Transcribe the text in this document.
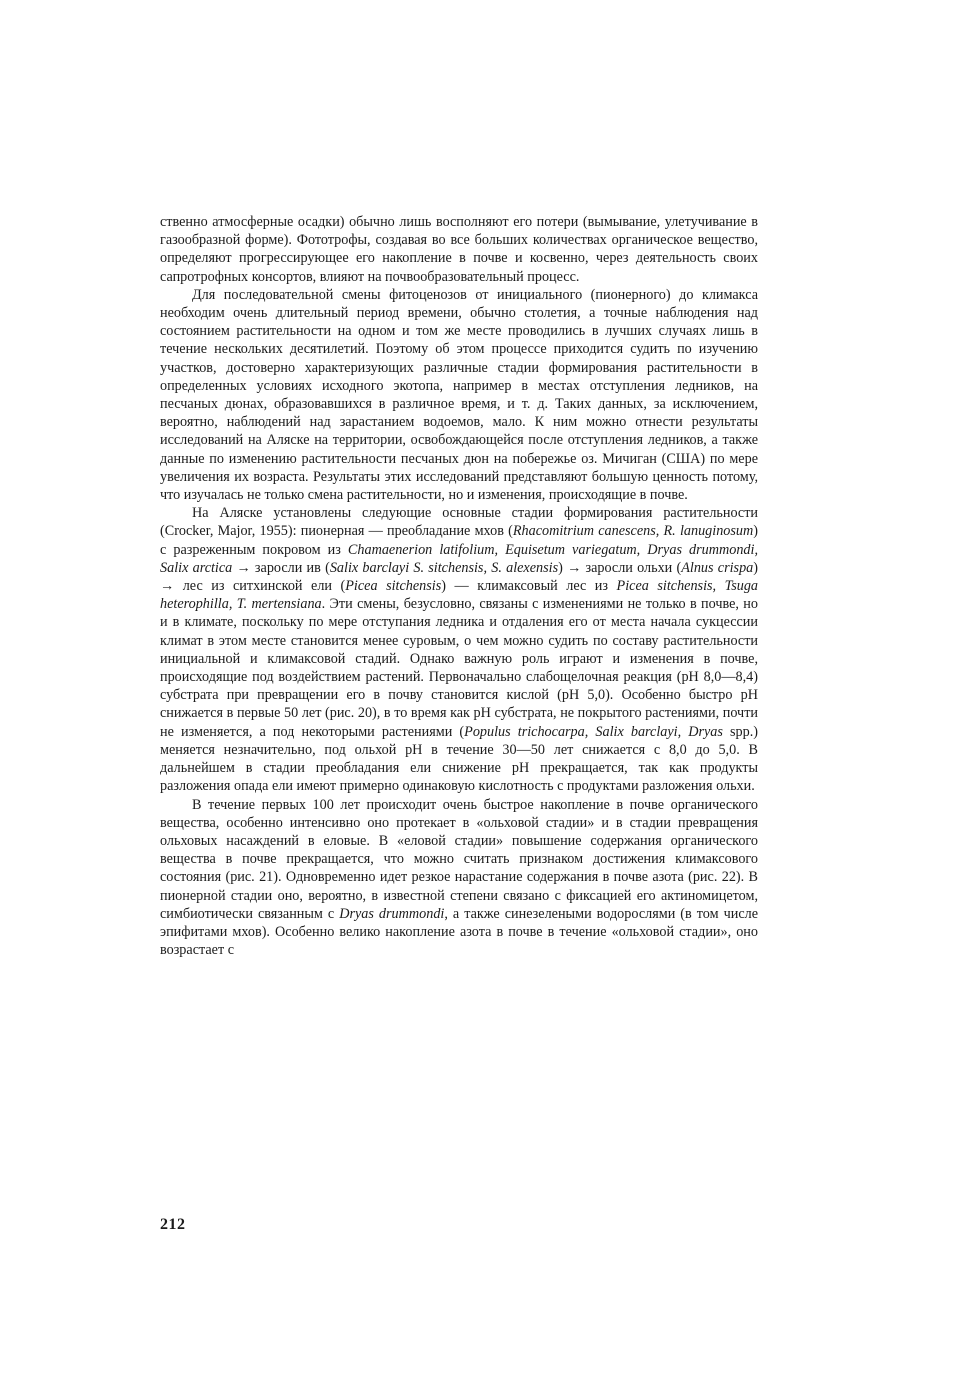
ственно атмосферные осадки) обычно лишь восполняют его потери (вымывание, улетучивание в газообразной форме). Фототрофы, создавая во все больших количествах органическое вещество, определяют прогрессирующее его накопление в почве и косвенно, через деятельность своих сапротрофных консортов, влияют на почвообразовательный процесс.

Для последовательной смены фитоценозов от инициального (пионерного) до климакса необходим очень длительный период времени, обычно столетия, а точные наблюдения над состоянием растительности на одном и том же месте проводились в лучших случаях лишь в течение нескольких десятилетий. Поэтому об этом процессе приходится судить по изучению участков, достоверно характеризующих различные стадии формирования растительности в определенных условиях исходного экотопа, например в местах отступления ледников, на песчаных дюнах, образовавшихся в различное время, и т. д. Таких данных, за исключением, вероятно, наблюдений над зарастанием водоемов, мало. К ним можно отнести результаты исследований на Аляске на территории, освобождающейся после отступления ледников, а также данные по изменению растительности песчаных дюн на побережье оз. Мичиган (США) по мере увеличения их возраста. Результаты этих исследований представляют большую ценность потому, что изучалась не только смена растительности, но и изменения, происходящие в почве.

На Аляске установлены следующие основные стадии формирования растительности (Crocker, Major, 1955): пионерная — преобладание мхов (Rhacomitrium canescens, R. lanuginosum) с разреженным покровом из Chamaenerion latifolium, Equisetum variegatum, Dryas drummondi, Salix arctica → заросли ив (Salix barclayi S. sitchensis, S. alexensis) → заросли ольхи (Alnus crispa) → лес из ситхинской ели (Picea sitchensis) — климаксовый лес из Picea sitchensis, Tsuga heterophilla, T. mertensiana. Эти смены, безусловно, связаны с изменениями не только в почве, но и в климате, поскольку по мере отступания ледника и отдаления его от места начала сукцессии климат в этом месте становится менее суровым, о чем можно судить по составу растительности инициальной и климаксовой стадий. Однако важную роль играют и изменения в почве, происходящие под воздействием растений. Первоначально слабощелочная реакция (pH 8,0—8,4) субстрата при превращении его в почву становится кислой (pH 5,0). Особенно быстро pH снижается в первые 50 лет (рис. 20), в то время как pH субстрата, не покрытого растениями, почти не изменяется, а под некоторыми растениями (Populus trichocarpa, Salix barclayi, Dryas spp.) меняется незначительно, под ольхой pH в течение 30—50 лет снижается с 8,0 до 5,0. В дальнейшем в стадии преобладания ели снижение pH прекращается, так как продукты разложения опада ели имеют примерно одинаковую кислотность с продуктами разложения ольхи.

В течение первых 100 лет происходит очень быстрое накопление в почве органического вещества, особенно интенсивно оно протекает в «ольховой стадии» и в стадии превращения ольховых насаждений в еловые. В «еловой стадии» повышение содержания органического вещества в почве прекращается, что можно считать признаком достижения климаксового состояния (рис. 21). Одновременно идет резкое нарастание содержания в почве азота (рис. 22). В пионерной стадии оно, вероятно, в известной степени связано с фиксацией его актиномицетом, симбиотически связанным с Dryas drummondi, а также синезелеными водорослями (в том числе эпифитами мхов). Особенно велико накопление азота в почве в течение «ольховой стадии», оно возрастает с

212
